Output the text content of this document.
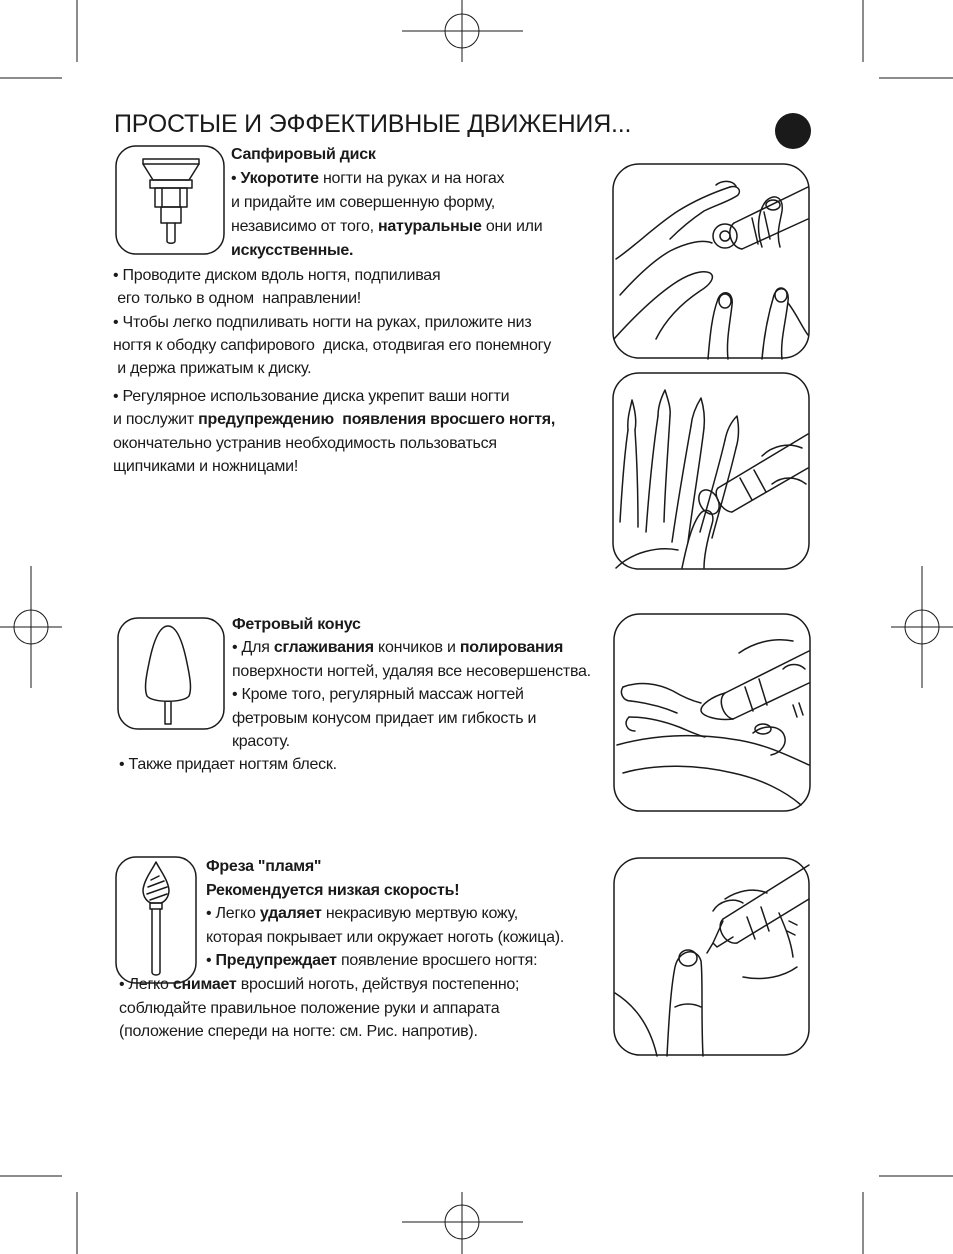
ПРОСТЫЕ И ЭФФЕКТИВНЫЕ ДВИЖЕНИЯ...
Сапфировый диск
• Укоротите ногти на руках и на ногах
и придайте им совершенную форму,
независимо от того, натуральные они или
искусственные.
• Проводите диском вдоль ногтя, подпиливая
его только в одном  направлении!
• Чтобы легко подпиливать ногти на руках, приложите низ
ногтя к ободку сапфирового  диска, отодвигая его понемногу
и держа прижатым к диску.
• Регулярное использование диска укрепит ваши ногти
и послужит предупреждению  появления вросшего ногтя,
окончательно устранив необходимость пользоваться
щипчиками и ножницами!
Фетровый конус
• Для сглаживания кончиков и полирования
поверхности ногтей, удаляя все несовершенства.
• Кроме того, регулярный массаж ногтей
фетровым конусом придает им гибкость и
красоту.
• Также придает ногтям блеск.
Фреза "пламя"
Рекомендуется низкая скорость!
• Легко удаляет некрасивую мертвую кожу,
которая покрывает или окружает ноготь (кожица).
• Предупреждает появление вросшего ногтя:
• Легко снимает вросший ноготь, действуя постепенно;
соблюдайте правильное положение руки и аппарата
(положение спереди на ногте: см. Рис. напротив).
